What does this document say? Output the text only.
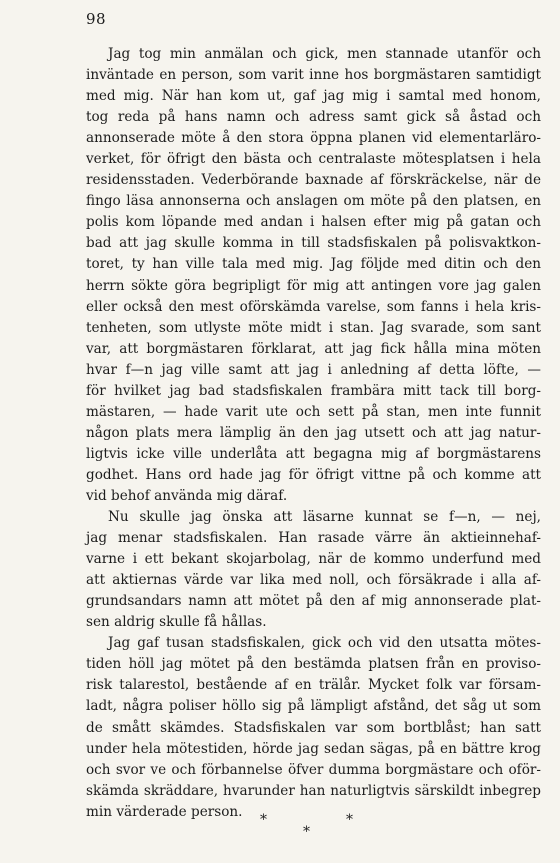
98
Jag tog min anmälan och gick, men stannade utanför och
inväntade en person, som varit inne hos borgmästaren samtidigt
med mig. När han kom ut, gaf jag mig i samtal med honom,
tog reda på hans namn och adress samt gick så åstad och
annonserade möte å den stora öppna planen vid elementarläro-
verket, för öfrigt den bästa och centralaste mötesplatsen i hela
residensstaden. Vederbörande baxnade af förskräckelse, när de
fingo läsa annonserna och anslagen om möte på den platsen, en
polis kom löpande med andan i halsen efter mig på gatan och
bad att jag skulle komma in till stadsfiskalen på polisvaktkon-
toret, ty han ville tala med mig. Jag följde med ditin och den
herrn sökte göra begripligt för mig att antingen vore jag galen
eller också den mest oförskämda varelse, som fanns i hela kris-
tenheten, som utlyste möte midt i stan. Jag svarade, som sant
var, att borgmästaren förklarat, att jag fick hålla mina möten
hvar f—n jag ville samt att jag i anledning af detta löfte, —
för hvilket jag bad stadsfiskalen frambära mitt tack till borg-
mästaren, — hade varit ute och sett på stan, men inte funnit
någon plats mera lämplig än den jag utsett och att jag natur-
ligtvis icke ville underlåta att begagna mig af borgmästarens
godhet. Hans ord hade jag för öfrigt vittne på och komme att
vid behof använda mig däraf.
Nu skulle jag önska att läsarne kunnat se f—n, — nej,
jag menar stadsfiskalen. Han rasade värre än aktieinnehaf-
varne i ett bekant skojarbolag, när de kommo underfund med
att aktiernas värde var lika med noll, och försäkrade i alla af-
grundsandars namn att mötet på den af mig annonserade plat-
sen aldrig skulle få hållas.
Jag gaf tusan stadsfiskalen, gick och vid den utsatta mötes-
tiden höll jag mötet på den bestämda platsen från en proviso-
risk talarestol, bestående af en trälår. Mycket folk var försam-
ladt, några poliser höllo sig på lämpligt afstånd, det såg ut som
de smått skämdes. Stadsfiskalen var som bortblåst; han satt
under hela mötestiden, hörde jag sedan sägas, på en bättre krog
och svor ve och förbannelse öfver dumma borgmästare och oför-
skämda skräddare, hvarunder han naturligtvis särskildt inbegrep
min värderade person.
*	*
*
